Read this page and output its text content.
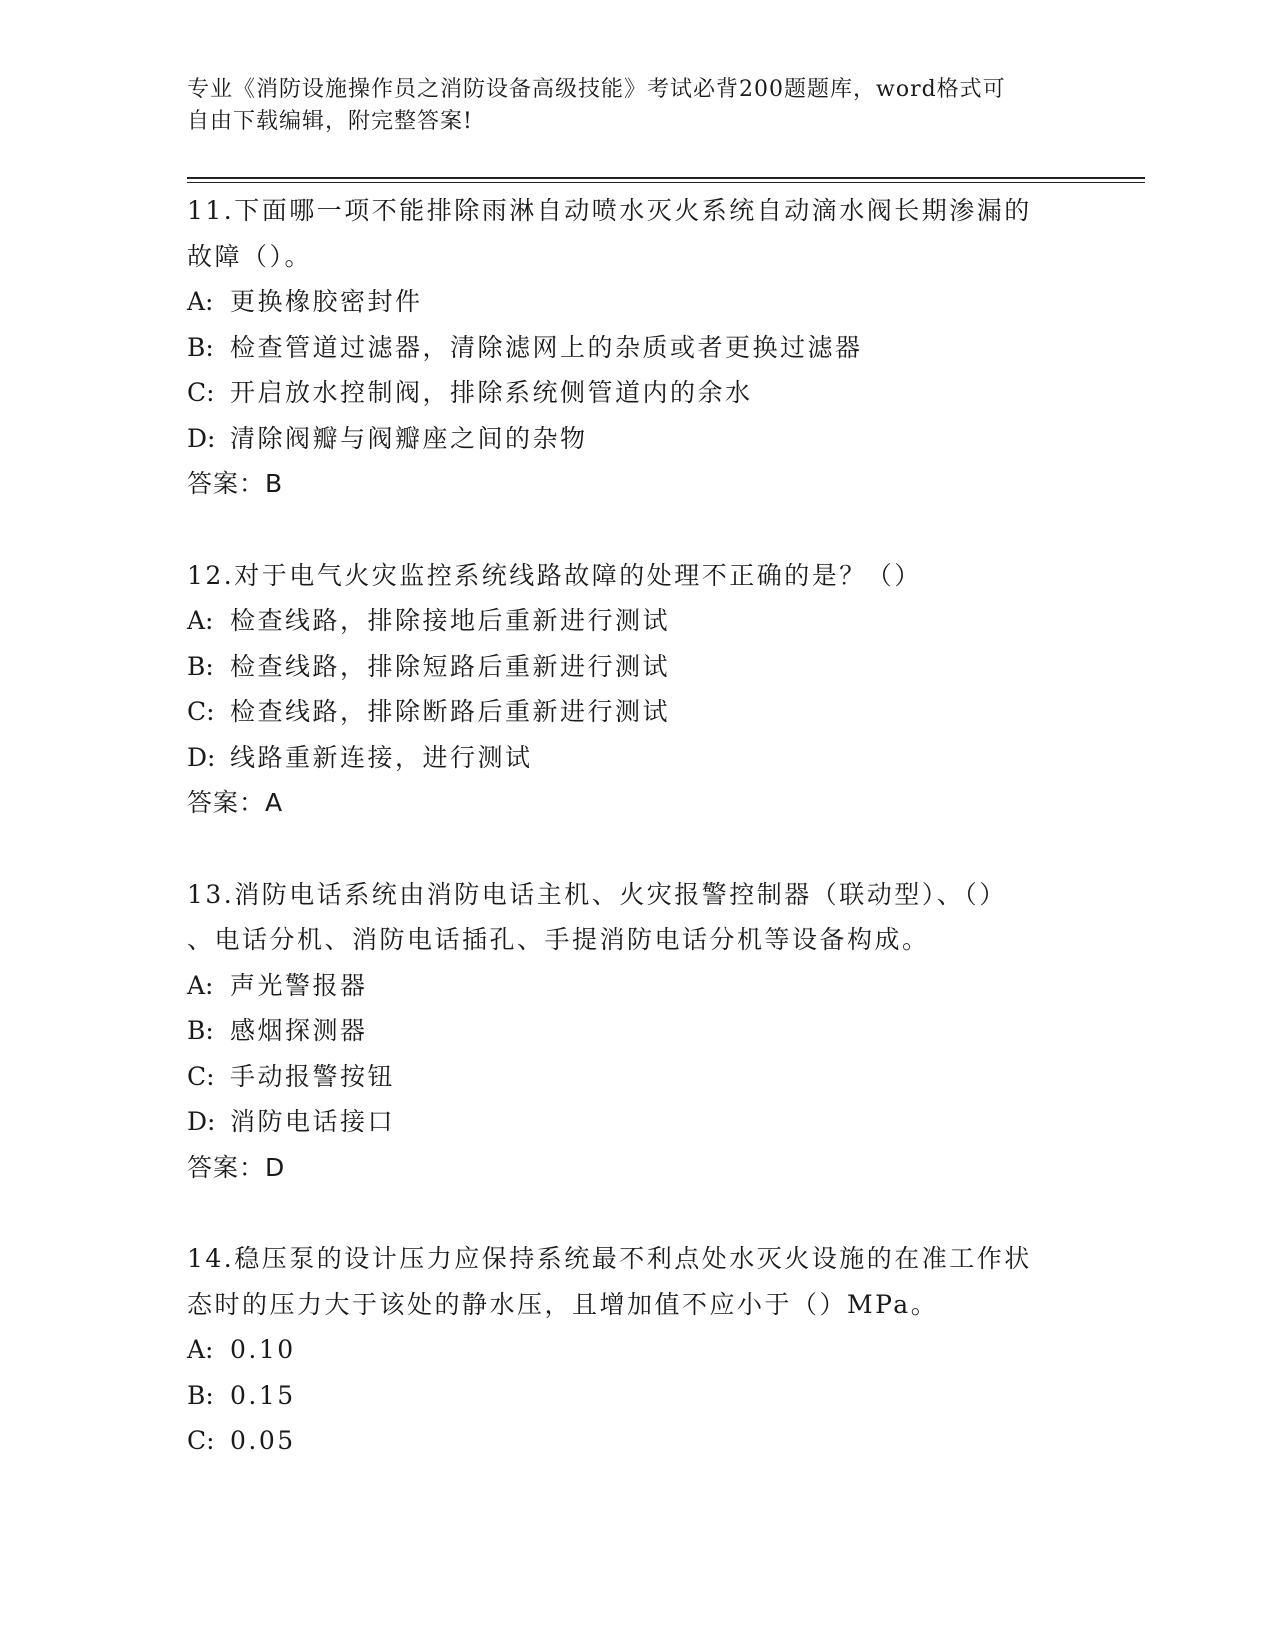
专业《消防设施操作员之消防设备高级技能》考试必背200题题库，word格式可
自由下载编辑，附完整答案!
11.下面哪一项不能排除雨淋自动喷水灭火系统自动滴水阀长期渗漏的
故障（）。
A: 更换橡胶密封件
B: 检查管道过滤器，清除滤网上的杂质或者更换过滤器
C: 开启放水控制阀，排除系统侧管道内的余水
D: 清除阀瓣与阀瓣座之间的杂物
答案：B
12.对于电气火灾监控系统线路故障的处理不正确的是？（）
A: 检查线路，排除接地后重新进行测试
B: 检查线路，排除短路后重新进行测试
C: 检查线路，排除断路后重新进行测试
D: 线路重新连接，进行测试
答案：A
13.消防电话系统由消防电话主机、火灾报警控制器（联动型）、（）
、电话分机、消防电话插孔、手提消防电话分机等设备构成。
A: 声光警报器
B: 感烟探测器
C: 手动报警按钮
D: 消防电话接口
答案：D
14.稳压泵的设计压力应保持系统最不利点处水灭火设施的在准工作状
态时的压力大于该处的静水压，且增加值不应小于（）MPa。
A: 0.10
B: 0.15
C: 0.05
